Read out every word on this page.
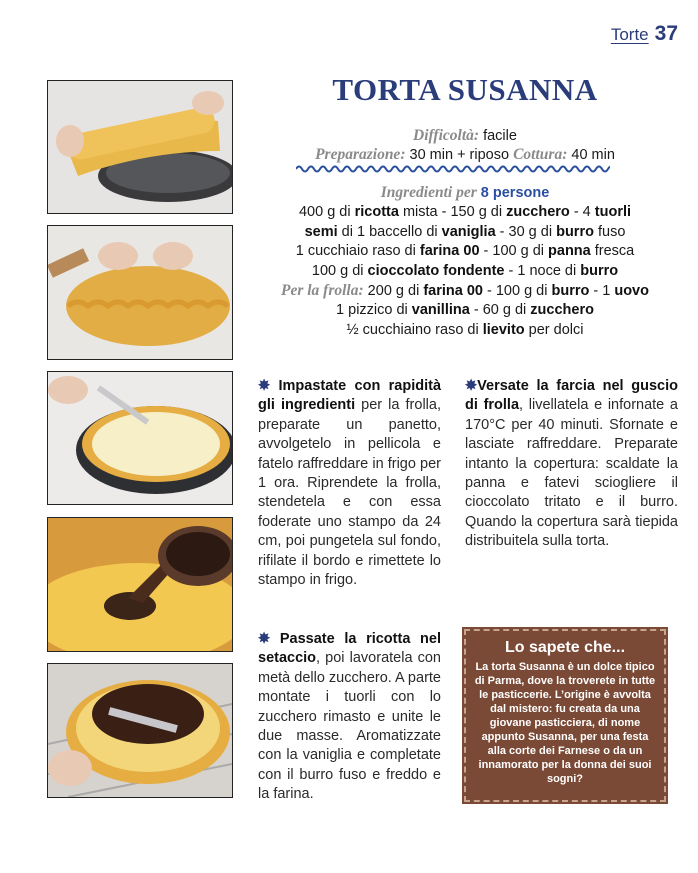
Torte 37
TORTA SUSANNA
Difficoltà: facile
Preparazione: 30 min + riposo Cottura: 40 min
Ingredienti per 8 persone
400 g di ricotta mista - 150 g di zucchero - 4 tuorli
semi di 1 baccello di vaniglia - 30 g di burro fuso
1 cucchiaio raso di farina 00 - 100 g di panna fresca
100 g di cioccolato fondente - 1 noce di burro
Per la frolla: 200 g di farina 00 - 100 g di burro - 1 uovo
1 pizzico di vanillina - 60 g di zucchero
½ cucchiaino raso di lievito per dolci

✸ Impastate con rapidità gli ingredienti per la frolla, preparate un panetto, avvolgetelo in pellicola e fatelo raffreddare in frigo per 1 ora. Riprendete la frolla, stendetela e con essa foderate uno stampo da 24 cm, poi pungetela sul fondo, rifilate il bordo e rimettete lo stampo in frigo.

✸ Passate la ricotta nel setaccio, poi lavoratela con metà dello zucchero. A parte montate i tuorli con lo zucchero rimasto e unite le due masse. Aromatizzate con la vaniglia e completate con il burro fuso e freddo e la farina.

✸Versate la farcia nel guscio di frolla, livellatela e infornate a 170°C per 40 minuti. Sfornate e lasciate raffreddare. Preparate intanto la copertura: scaldate la panna e fatevi sciogliere il cioccolato tritato e il burro. Quando la copertura sarà tiepida distribuitela sulla torta.

Lo sapete che...

La torta Susanna è un dolce tipico di Parma, dove la troverete in tutte le pasticcerie. L’origine è avvolta dal mistero: fu creata da una giovane pasticciera, di nome appunto Susanna, per una festa alla corte dei Farnese o da un innamorato per la donna dei suoi sogni?
